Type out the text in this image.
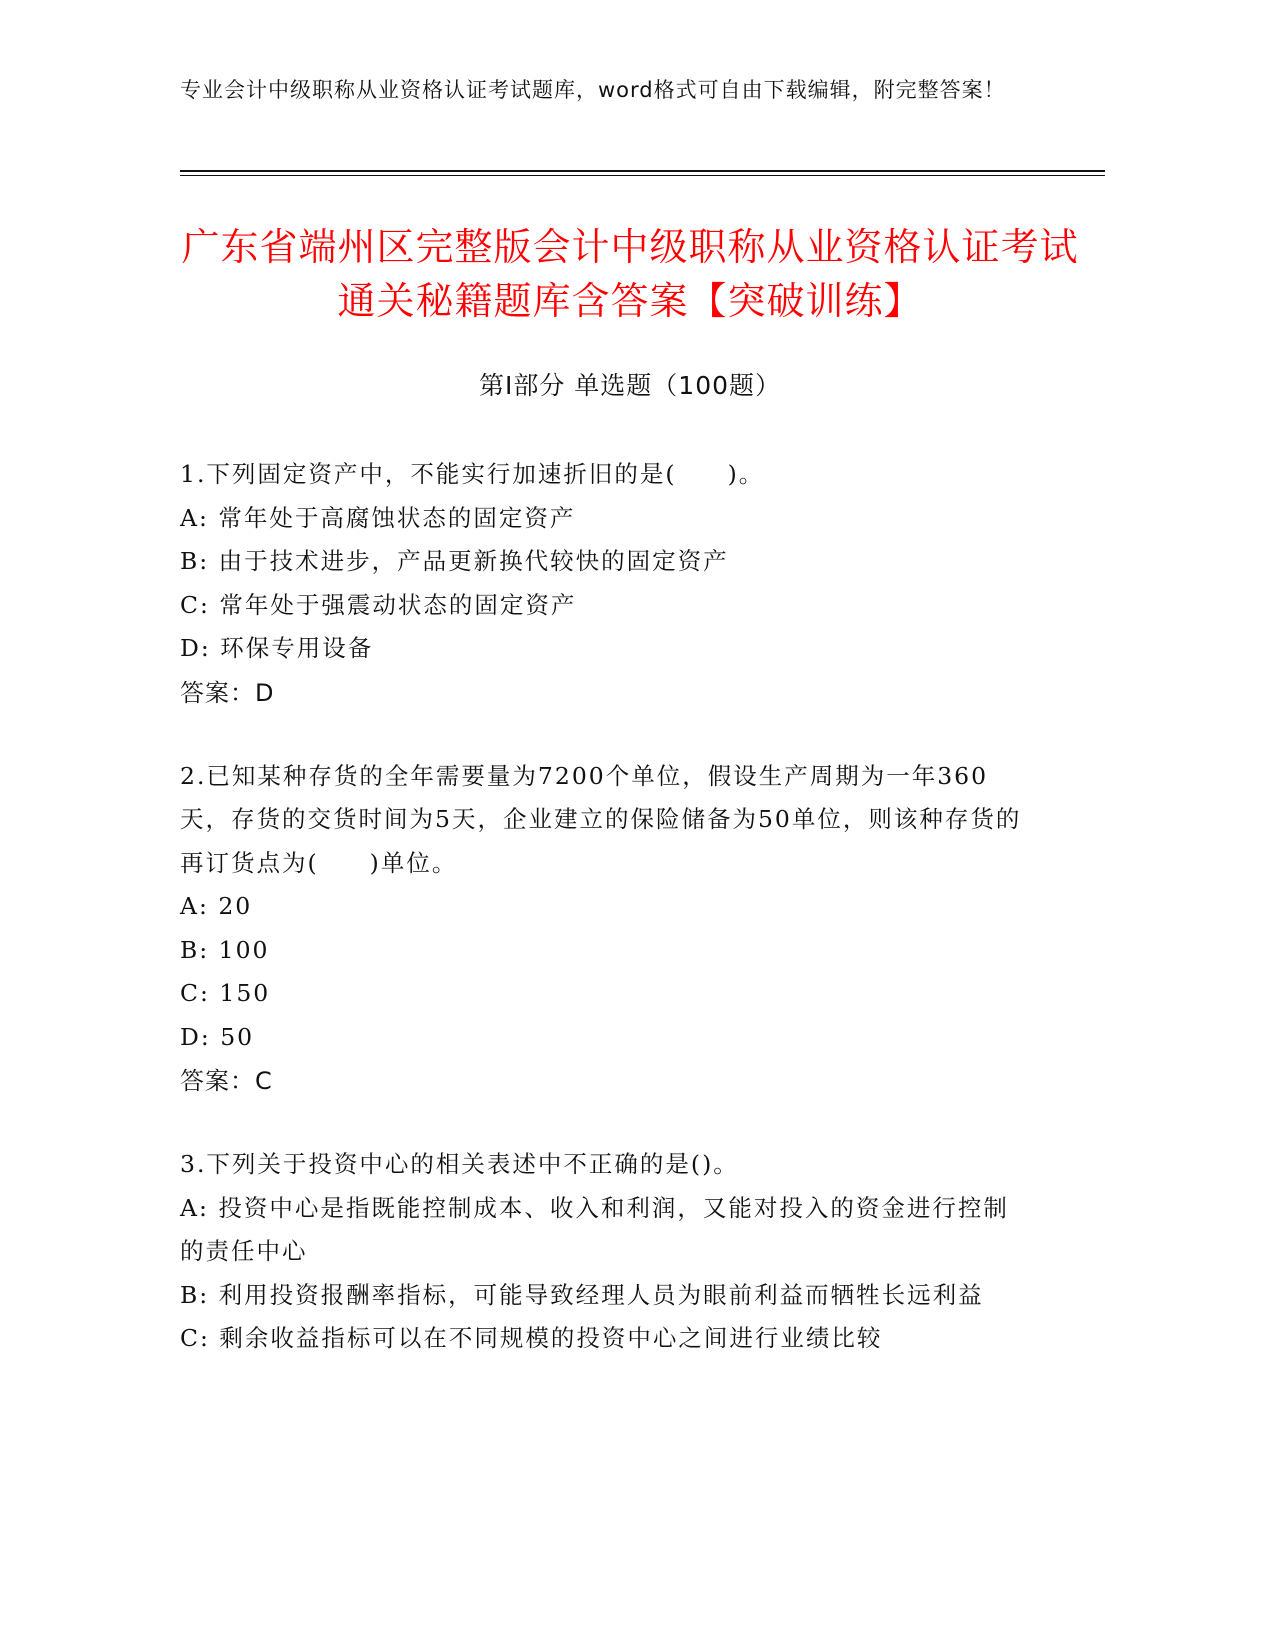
专业会计中级职称从业资格认证考试题库，word格式可自由下载编辑，附完整答案！
广东省端州区完整版会计中级职称从业资格认证考试通关秘籍题库含答案【突破训练】
第Ⅰ部分 单选题（100题）
1.下列固定资产中，不能实行加速折旧的是(　　)。
A: 常年处于高腐蚀状态的固定资产
B: 由于技术进步，产品更新换代较快的固定资产
C: 常年处于强震动状态的固定资产
D: 环保专用设备
答案：D
2.已知某种存货的全年需要量为7200个单位，假设生产周期为一年360天，存货的交货时间为5天，企业建立的保险储备为50单位，则该种存货的再订货点为(　　)单位。
A: 20
B: 100
C: 150
D: 50
答案：C
3.下列关于投资中心的相关表述中不正确的是()。
A: 投资中心是指既能控制成本、收入和利润，又能对投入的资金进行控制的责任中心
B: 利用投资报酬率指标，可能导致经理人员为眼前利益而牺牲长远利益
C: 剩余收益指标可以在不同规模的投资中心之间进行业绩比较
